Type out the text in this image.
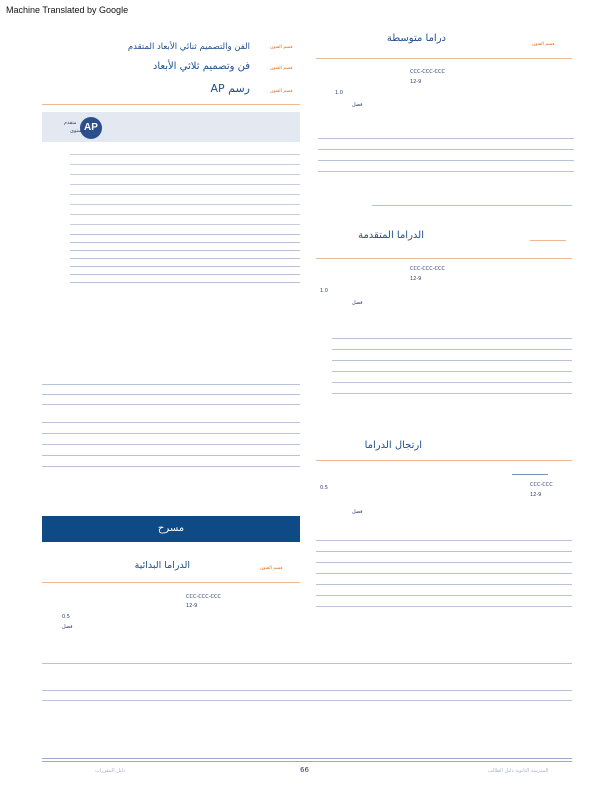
Machine Translated by Google
الفن والتصميم ثنائي الأبعاد المتقدم	قسم الفنون
فن وتصميم ثلاثي الأبعاد	قسم الفنون
رسم AP	قسم الفنون
AP
متقدم
مستوى
مسرح
الدراما البدائية	قسم الفنون
CCC-CCC-CCC
12-9
0.5
فصل
دراما متوسطة
قسم الفنون
CCC-CCC-CCC
12-9
1.0
فصل
الدراما المتقدمة
CCC-CCC-CCC
12-9
1.0
فصل
ارتجال الدراما
CCC-CCC
12-9
0.5
فصل
66
دليل المقررات	المدرسة الثانوية دليل الطالب
